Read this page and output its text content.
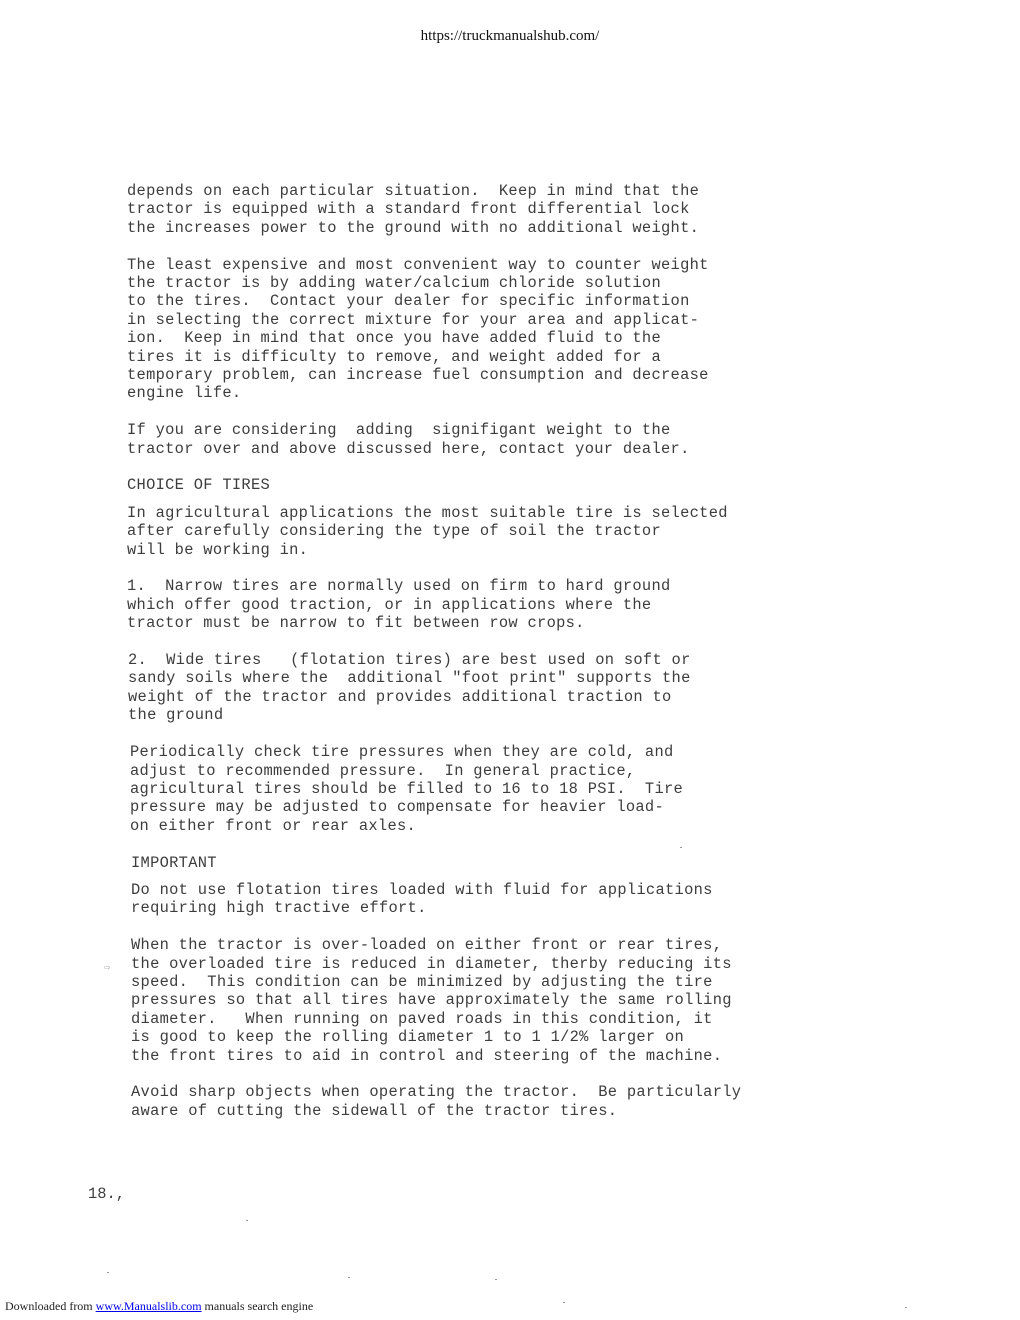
https://truckmanualshub.com/
depends on each particular situation.  Keep in mind that the
tractor is equipped with a standard front differential lock
the increases power to the ground with no additional weight.
The least expensive and most convenient way to counter weight
the tractor is by adding water/calcium chloride solution
to the tires.  Contact your dealer for specific information
in selecting the correct mixture for your area and applicat-
ion.  Keep in mind that once you have added fluid to the
tires it is difficulty to remove, and weight added for a
temporary problem, can increase fuel consumption and decrease
engine life.
If you are considering  adding  signifigant weight to the
tractor over and above discussed here, contact your dealer.
CHOICE OF TIRES
In agricultural applications the most suitable tire is selected
after carefully considering the type of soil the tractor
will be working in.
1.  Narrow tires are normally used on firm to hard ground
which offer good traction, or in applications where the
tractor must be narrow to fit between row crops.
2.  Wide tires   (flotation tires) are best used on soft or
sandy soils where the  additional "foot print" supports the
weight of the tractor and provides additional traction to
the ground
Periodically check tire pressures when they are cold, and
adjust to recommended pressure.  In general practice,
agricultural tires should be filled to 16 to 18 PSI.  Tire
pressure may be adjusted to compensate for heavier load-
on either front or rear axles.
IMPORTANT
Do not use flotation tires loaded with fluid for applications
requiring high tractive effort.
When the tractor is over-loaded on either front or rear tires,
the overloaded tire is reduced in diameter, therby reducing its
speed.  This condition can be minimized by adjusting the tire
pressures so that all tires have approximately the same rolling
diameter.   When running on paved roads in this condition, it
is good to keep the rolling diameter 1 to 1 1/2% larger on
the front tires to aid in control and steering of the machine.
Avoid sharp objects when operating the tractor.  Be particularly
aware of cutting the sidewall of the tractor tires.
⇨
18.,
Downloaded from www.Manualslib.com manuals search engine
